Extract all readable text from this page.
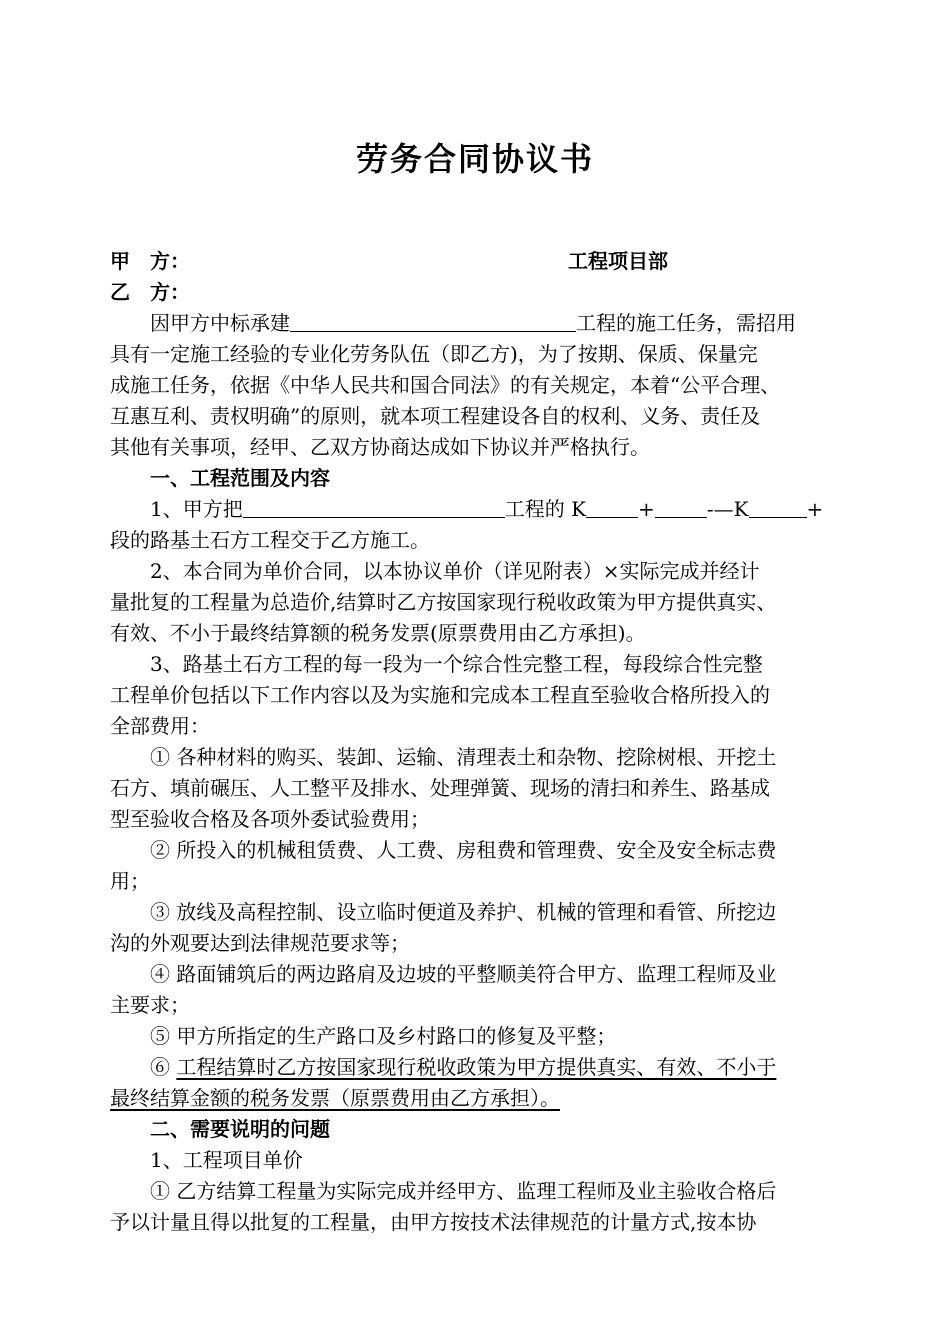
劳务合同协议书
甲　方：	工程项目部
乙　方：
因甲方中标承建	工程的施工任务，需招用
具有一定施工经验的专业化劳务队伍（即乙方)，为了按期、保质、保量完
成施工任务，依据《中华人民共和国合同法》的有关规定，本着“公平合理、
互惠互利、责权明确”的原则，就本项工程建设各自的权利、义务、责任及
其他有关事项，经甲、乙双方协商达成如下协议并严格执行。
一、工程范围及内容
1、甲方把	工程的 K	+	-—K	+
段的路基土石方工程交于乙方施工。
2、本合同为单价合同，以本协议单价（详见附表）×实际完成并经计
量批复的工程量为总造价,结算时乙方按国家现行税收政策为甲方提供真实、
有效、不小于最终结算额的税务发票(原票费用由乙方承担)。
3、路基土石方工程的每一段为一个综合性完整工程，每段综合性完整
工程单价包括以下工作内容以及为实施和完成本工程直至验收合格所投入的
全部费用：
① 各种材料的购买、装卸、运输、清理表土和杂物、挖除树根、开挖土
石方、填前碾压、人工整平及排水、处理弹簧、现场的清扫和养生、路基成
型至验收合格及各项外委试验费用；
② 所投入的机械租赁费、人工费、房租费和管理费、安全及安全标志费
用；
③ 放线及高程控制、设立临时便道及养护、机械的管理和看管、所挖边
沟的外观要达到法律规范要求等；
④ 路面铺筑后的两边路肩及边坡的平整顺美符合甲方、监理工程师及业
主要求；
⑤ 甲方所指定的生产路口及乡村路口的修复及平整；
⑥ 工程结算时乙方按国家现行税收政策为甲方提供真实、有效、不小于
最终结算金额的税务发票（原票费用由乙方承担）。
二、需要说明的问题
1、工程项目单价
① 乙方结算工程量为实际完成并经甲方、监理工程师及业主验收合格后
予以计量且得以批复的工程量，由甲方按技术法律规范的计量方式,按本协
